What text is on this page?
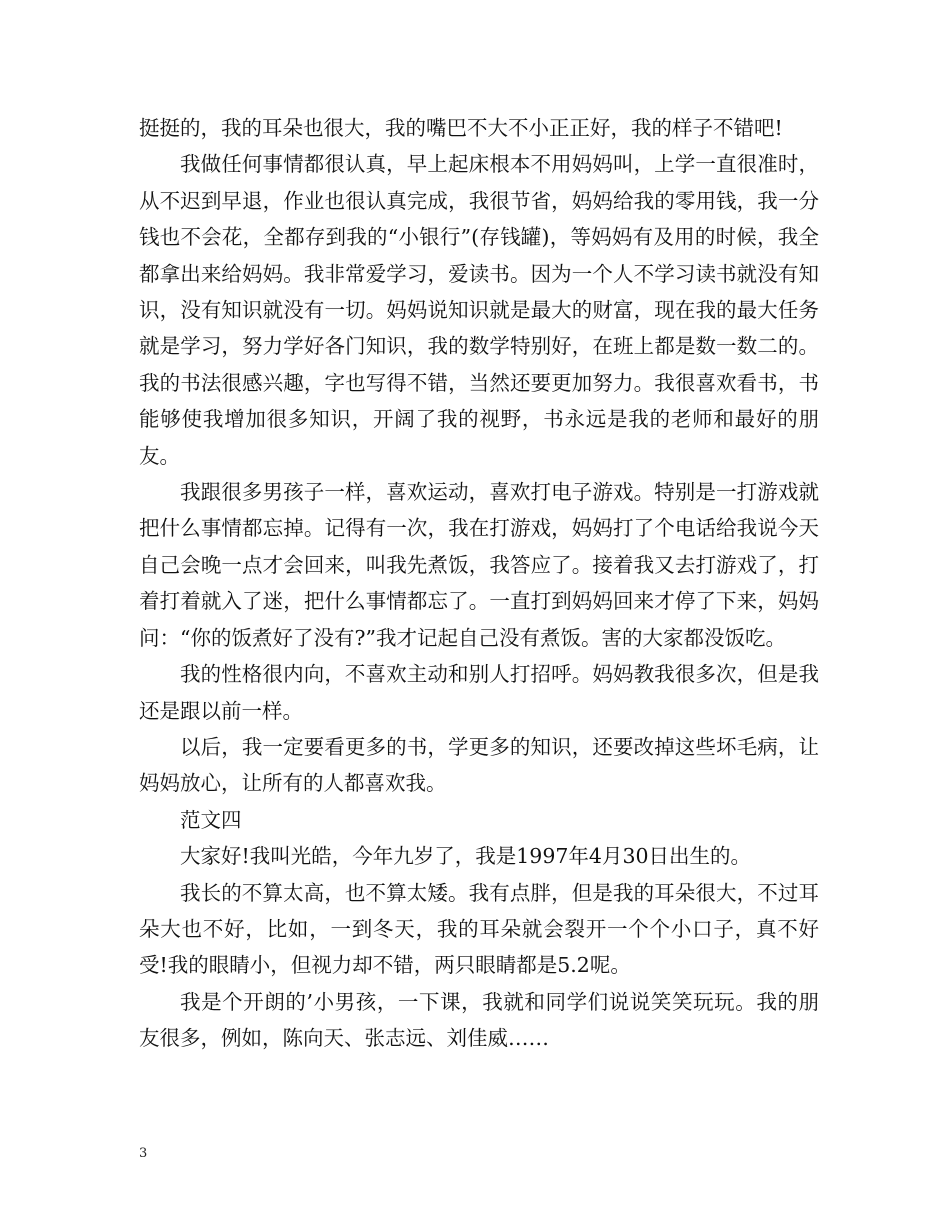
挺挺的，我的耳朵也很大，我的嘴巴不大不小正正好，我的样子不错吧!

我做任何事情都很认真，早上起床根本不用妈妈叫，上学一直很准时，从不迟到早退，作业也很认真完成，我很节省，妈妈给我的零用钱，我一分钱也不会花，全都存到我的“小银行”(存钱罐)，等妈妈有及用的时候，我全都拿出来给妈妈。我非常爱学习，爱读书。因为一个人不学习读书就没有知识，没有知识就没有一切。妈妈说知识就是最大的财富，现在我的最大任务就是学习，努力学好各门知识，我的数学特别好，在班上都是数一数二的。我的书法很感兴趣，字也写得不错，当然还要更加努力。我很喜欢看书，书能够使我增加很多知识，开阔了我的视野，书永远是我的老师和最好的朋友。

我跟很多男孩子一样，喜欢运动，喜欢打电子游戏。特别是一打游戏就把什么事情都忘掉。记得有一次，我在打游戏，妈妈打了个电话给我说今天自己会晚一点才会回来，叫我先煮饭，我答应了。接着我又去打游戏了，打着打着就入了迷，把什么事情都忘了。一直打到妈妈回来才停了下来，妈妈问：“你的饭煮好了没有?”我才记起自己没有煮饭。害的大家都没饭吃。

我的性格很内向，不喜欢主动和别人打招呼。妈妈教我很多次，但是我还是跟以前一样。

以后，我一定要看更多的书，学更多的知识，还要改掉这些坏毛病，让妈妈放心，让所有的人都喜欢我。

范文四

大家好!我叫光皓，今年九岁了，我是1997年4月30日出生的。

我长的不算太高，也不算太矮。我有点胖，但是我的耳朵很大，不过耳朵大也不好，比如，一到冬天，我的耳朵就会裂开一个个小口子，真不好受!我的眼睛小，但视力却不错，两只眼睛都是5.2呢。

我是个开朗的’小男孩，一下课，我就和同学们说说笑笑玩玩。我的朋友很多，例如，陈向天、张志远、刘佳威……

3
